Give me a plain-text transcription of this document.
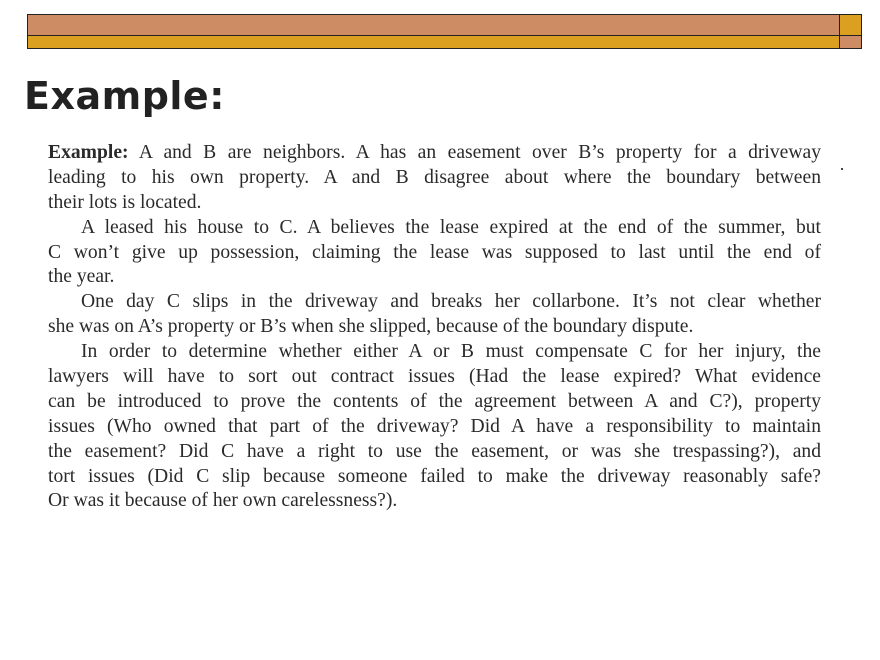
Example:
Example: A and B are neighbors. A has an easement over B’s property for a driveway
leading to his own property. A and B disagree about where the boundary between
their lots is located.
A leased his house to C. A believes the lease expired at the end of the summer, but
C won’t give up possession, claiming the lease was supposed to last until the end of
the year.
One day C slips in the driveway and breaks her collarbone. It’s not clear whether
she was on A’s property or B’s when she slipped, because of the boundary dispute.
In order to determine whether either A or B must compensate C for her injury, the
lawyers will have to sort out contract issues (Had the lease expired? What evidence
can be introduced to prove the contents of the agreement between A and C?), property
issues (Who owned that part of the driveway? Did A have a responsibility to maintain
the easement? Did C have a right to use the easement, or was she trespassing?), and
tort issues (Did C slip because someone failed to make the driveway reasonably safe?
Or was it because of her own carelessness?).
